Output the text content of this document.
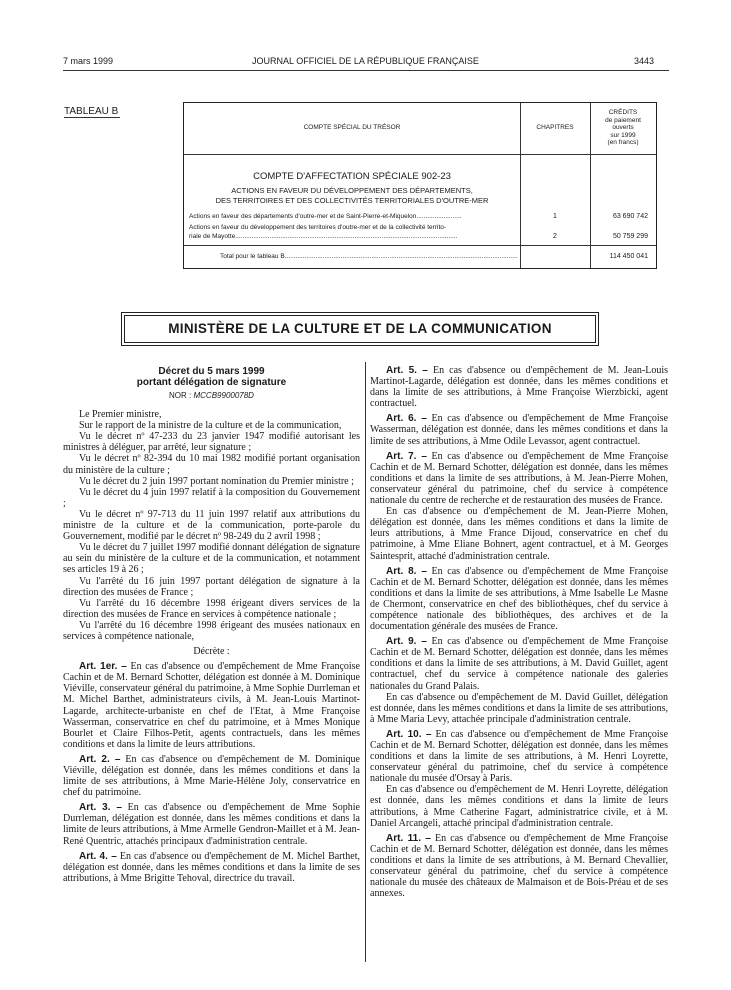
7 mars 1999	JOURNAL OFFICIEL DE LA RÉPUBLIQUE FRANÇAISE	3443
TABLEAU B
COMPTE SPÉCIAL DU TRÉSOR	CHAPITRES
CRÉDITS
de paiement
ouverts
sur 1999
(en francs)
COMPTE D'AFFECTATION SPÉCIALE 902-23
ACTIONS EN FAVEUR DU DÉVELOPPEMENT DES DÉPARTEMENTS,
DES TERRITOIRES ET DES COLLECTIVITÉS TERRITORIALES D'OUTRE-MER
Actions en faveur des départements d'outre-mer et de Saint-Pierre-et-Miquelon.........................	1	63 690 742
Actions en faveur du développement des territoires d'outre-mer et de la collectivité territo-
riale de Mayotte...........................................................................................................................	2	50 759 299
Total pour le tableau B.................................................................................................................................	114 450 041
MINISTÈRE DE LA CULTURE ET DE LA COMMUNICATION
Décret du 5 mars 1999
portant délégation de signature
NOR : MCCB9900078D

Le Premier ministre,

Sur le rapport de la ministre de la culture et de la communication,

Vu le décret nº 47-233 du 23 janvier 1947 modifié autorisant les ministres à déléguer, par arrêté, leur signature ;

Vu le décret nº 82-394 du 10 mai 1982 modifié portant organisation du ministère de la culture ;

Vu le décret du 2 juin 1997 portant nomination du Premier ministre ;

Vu le décret du 4 juin 1997 relatif à la composition du Gouvernement ;

Vu le décret nº 97-713 du 11 juin 1997 relatif aux attributions du ministre de la culture et de la communication, porte-parole du Gouvernement, modifié par le décret nº 98-249 du 2 avril 1998 ;

Vu le décret du 7 juillet 1997 modifié donnant délégation de signature au sein du ministère de la culture et de la communication, et notamment ses articles 19 à 26 ;

Vu l'arrêté du 16 juin 1997 portant délégation de signature à la direction des musées de France ;

Vu l'arrêté du 16 décembre 1998 érigeant divers services de la direction des musées de France en services à compétence nationale ;

Vu l'arrêté du 16 décembre 1998 érigeant des musées nationaux en services à compétence nationale,

Décrète :

Art. 1er. – En cas d'absence ou d'empêchement de Mme Françoise Cachin et de M. Bernard Schotter, délégation est donnée à M. Dominique Viéville, conservateur général du patrimoine, à Mme Sophie Durrleman et M. Michel Barthet, administrateurs civils, à M. Jean-Louis Martinot-Lagarde, architecte-urbaniste en chef de l'Etat, à Mme Françoise Wasserman, conservatrice en chef du patrimoine, et à Mmes Monique Bourlet et Claire Filhos-Petit, agents contractuels, dans les mêmes conditions et dans la limite de leurs attributions.

Art. 2. – En cas d'absence ou d'empêchement de M. Dominique Viéville, délégation est donnée, dans les mêmes conditions et dans la limite de ses attributions, à Mme Marie-Hélène Joly, conservatrice en chef du patrimoine.

Art. 3. – En cas d'absence ou d'empêchement de Mme Sophie Durrleman, délégation est donnée, dans les mêmes conditions et dans la limite de leurs attributions, à Mme Armelle Gendron-Maillet et à M. Jean-René Quentric, attachés principaux d'administration centrale.

Art. 4. – En cas d'absence ou d'empêchement de M. Michel Barthet, délégation est donnée, dans les mêmes conditions et dans la limite de ses attributions, à Mme Brigitte Tehoval, directrice du travail.

Art. 5. – En cas d'absence ou d'empêchement de M. Jean-Louis Martinot-Lagarde, délégation est donnée, dans les mêmes conditions et dans la limite de ses attributions, à Mme Françoise Wierzbicki, agent contractuel.

Art. 6. – En cas d'absence ou d'empêchement de Mme Françoise Wasserman, délégation est donnée, dans les mêmes conditions et dans la limite de ses attributions, à Mme Odile Levassor, agent contractuel.

Art. 7. – En cas d'absence ou d'empêchement de Mme Françoise Cachin et de M. Bernard Schotter, délégation est donnée, dans les mêmes conditions et dans la limite de ses attributions, à M. Jean-Pierre Mohen, conservateur général du patrimoine, chef du service à compétence nationale du centre de recherche et de restauration des musées de France.

En cas d'absence ou d'empêchement de M. Jean-Pierre Mohen, délégation est donnée, dans les mêmes conditions et dans la limite de leurs attributions, à Mme France Dijoud, conservatrice en chef du patrimoine, à Mme Eliane Bohnert, agent contractuel, et à M. Georges Saintesprit, attaché d'administration centrale.

Art. 8. – En cas d'absence ou d'empêchement de Mme Françoise Cachin et de M. Bernard Schotter, délégation est donnée, dans les mêmes conditions et dans la limite de ses attributions, à Mme Isabelle Le Masne de Chermont, conservatrice en chef des bibliothèques, chef du service à compétence nationale des bibliothèques, des archives et de la documentation générale des musées de France.

Art. 9. – En cas d'absence ou d'empêchement de Mme Françoise Cachin et de M. Bernard Schotter, délégation est donnée, dans les mêmes conditions et dans la limite de ses attributions, à M. David Guillet, agent contractuel, chef du service à compétence nationale des galeries nationales du Grand Palais.

En cas d'absence ou d'empêchement de M. David Guillet, délégation est donnée, dans les mêmes conditions et dans la limite de ses attributions, à Mme Maria Levy, attachée principale d'administration centrale.

Art. 10. – En cas d'absence ou d'empêchement de Mme Françoise Cachin et de M. Bernard Schotter, délégation est donnée, dans les mêmes conditions et dans la limite de ses attributions, à M. Henri Loyrette, conservateur général du patrimoine, chef du service à compétence nationale du musée d'Orsay à Paris.

En cas d'absence ou d'empêchement de M. Henri Loyrette, délégation est donnée, dans les mêmes conditions et dans la limite de leurs attributions, à Mme Catherine Fagart, administratrice civile, et à M. Daniel Arcangeli, attaché principal d'administration centrale.

Art. 11. – En cas d'absence ou d'empêchement de Mme Françoise Cachin et de M. Bernard Schotter, délégation est donnée, dans les mêmes conditions et dans la limite de ses attributions, à M. Bernard Chevallier, conservateur général du patrimoine, chef du service à compétence nationale du musée des châteaux de Malmaison et de Bois-Préau et de ses annexes.
